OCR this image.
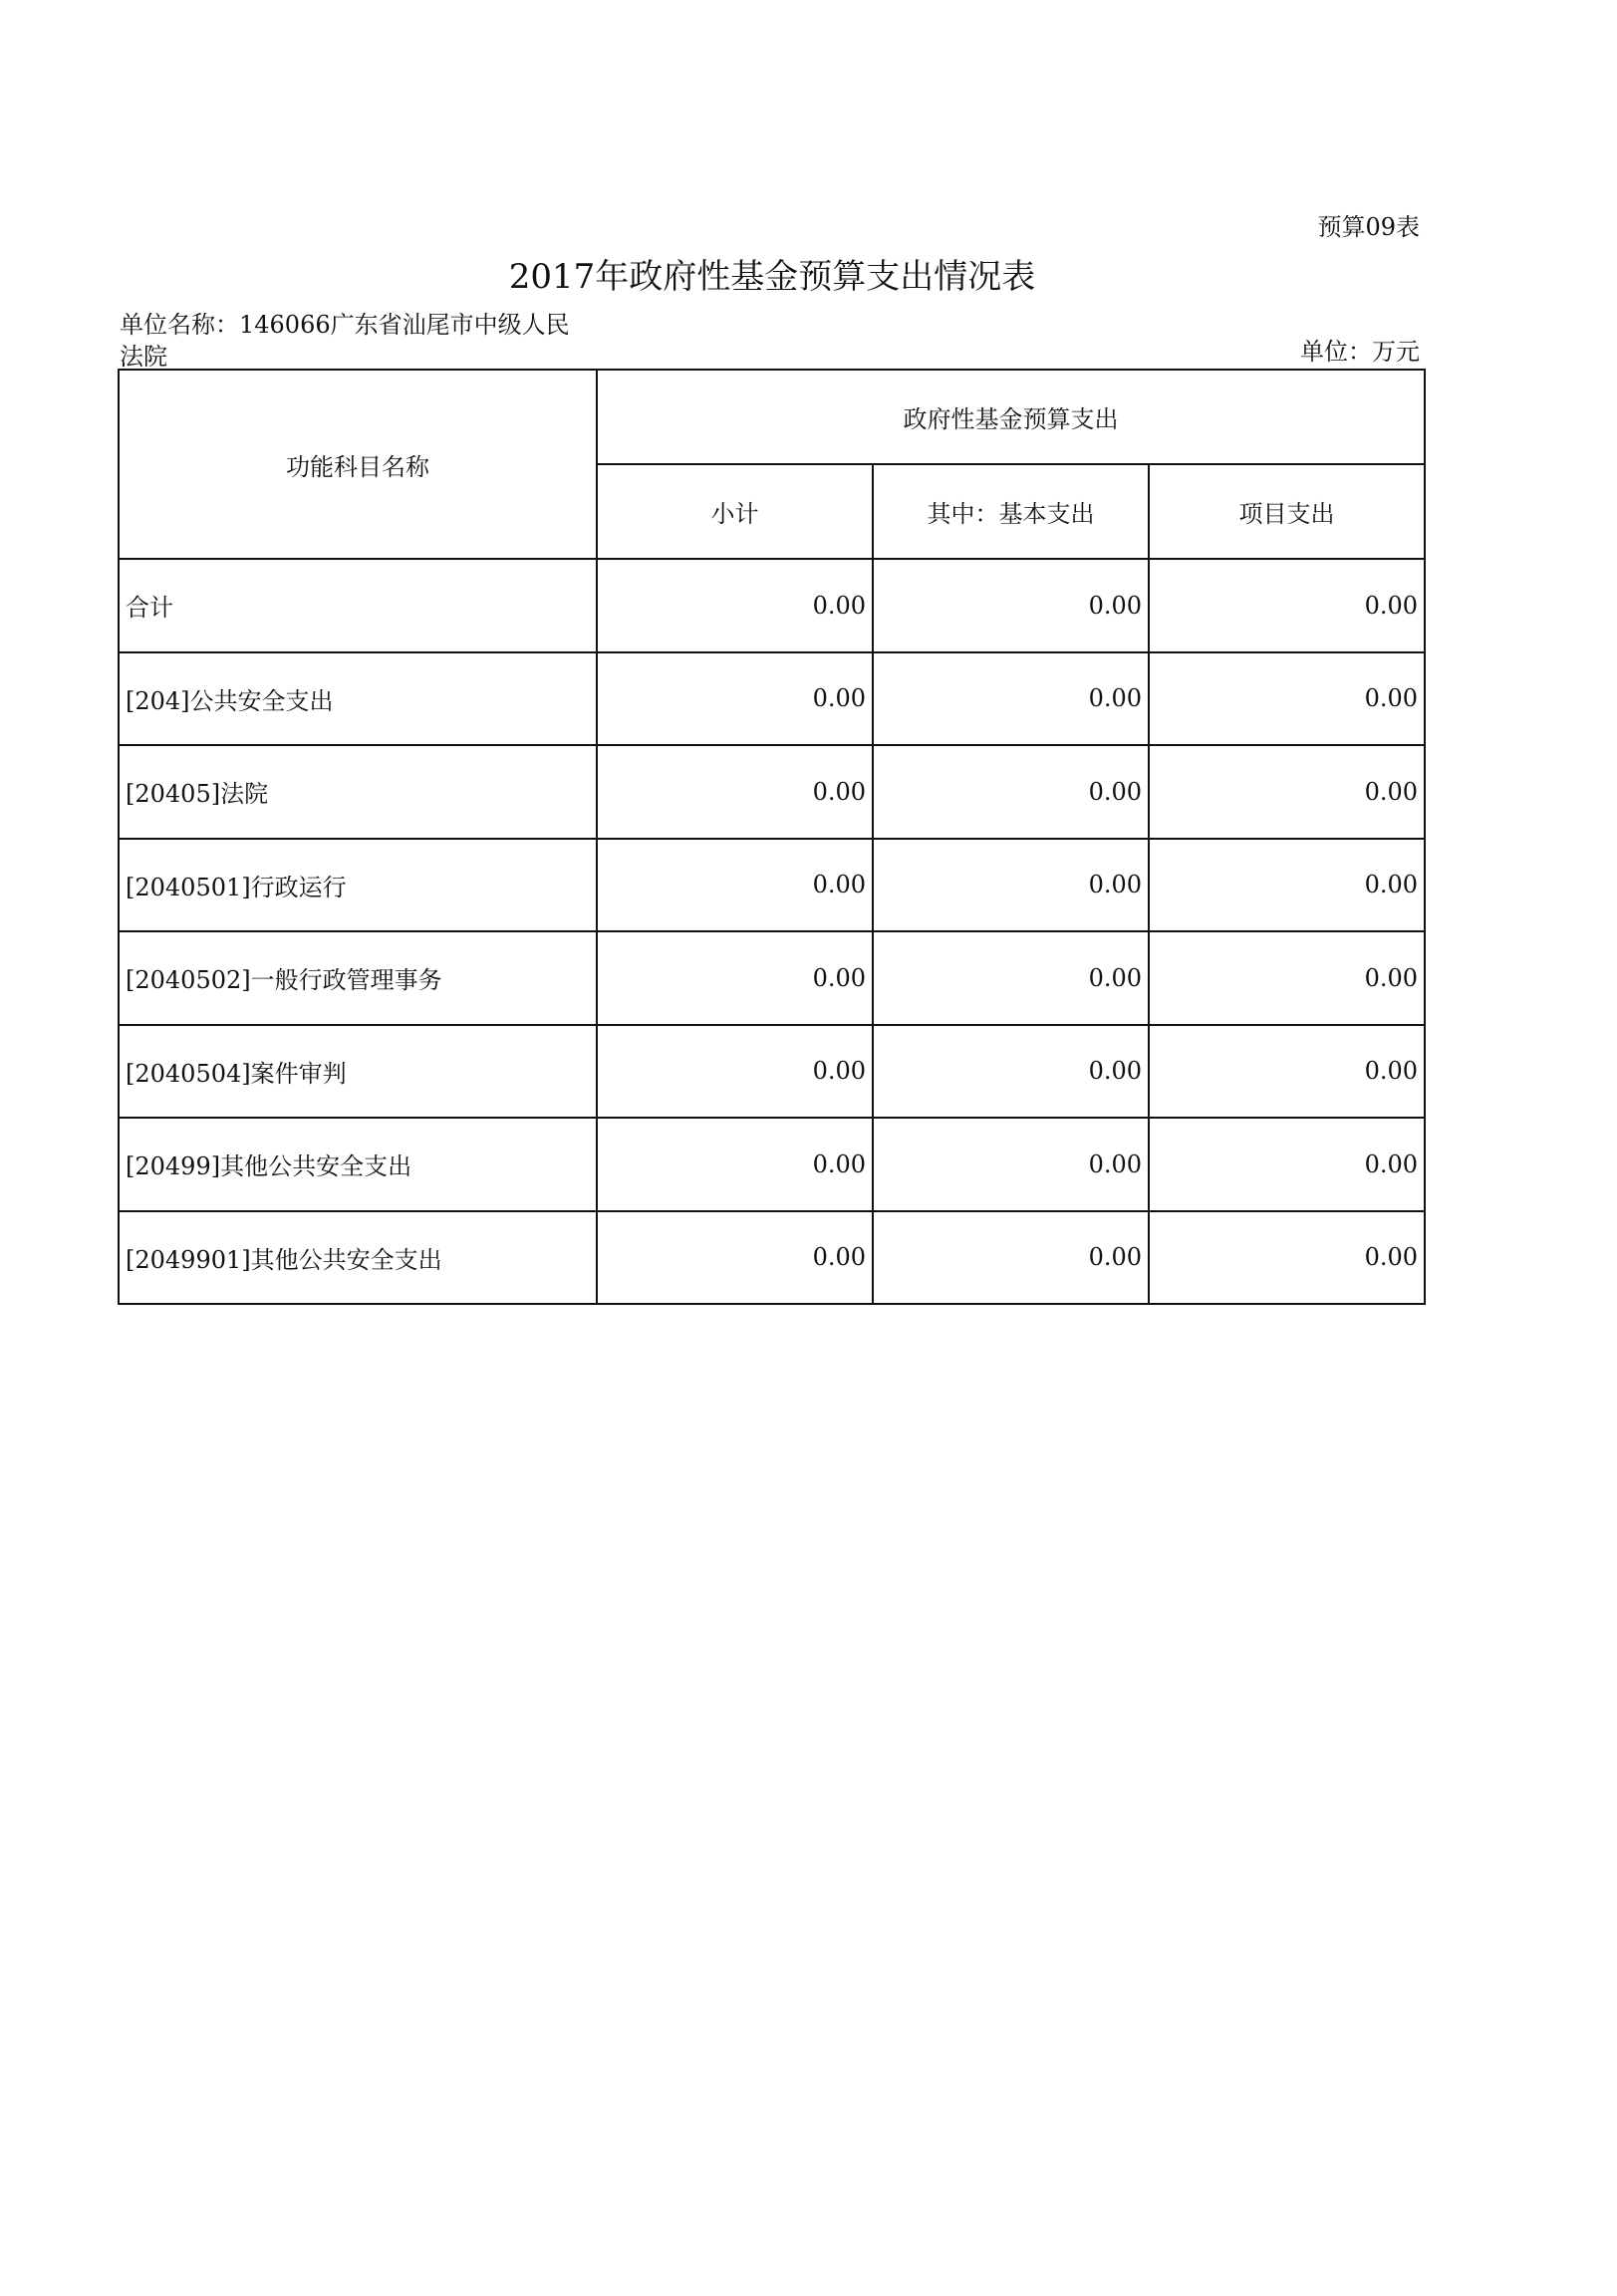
预算09表
2017年政府性基金预算支出情况表
单位名称：146066广东省汕尾市中级人民法院	单位：万元
功能科目名称	政府性基金预算支出		
	小计	其中：基本支出	项目支出
合计	0.00	0.00	0.00
[204]公共安全支出	0.00	0.00	0.00
[20405]法院	0.00	0.00	0.00
[2040501]行政运行	0.00	0.00	0.00
[2040502]一般行政管理事务	0.00	0.00	0.00
[2040504]案件审判	0.00	0.00	0.00
[20499]其他公共安全支出	0.00	0.00	0.00
[2049901]其他公共安全支出	0.00	0.00	0.00
